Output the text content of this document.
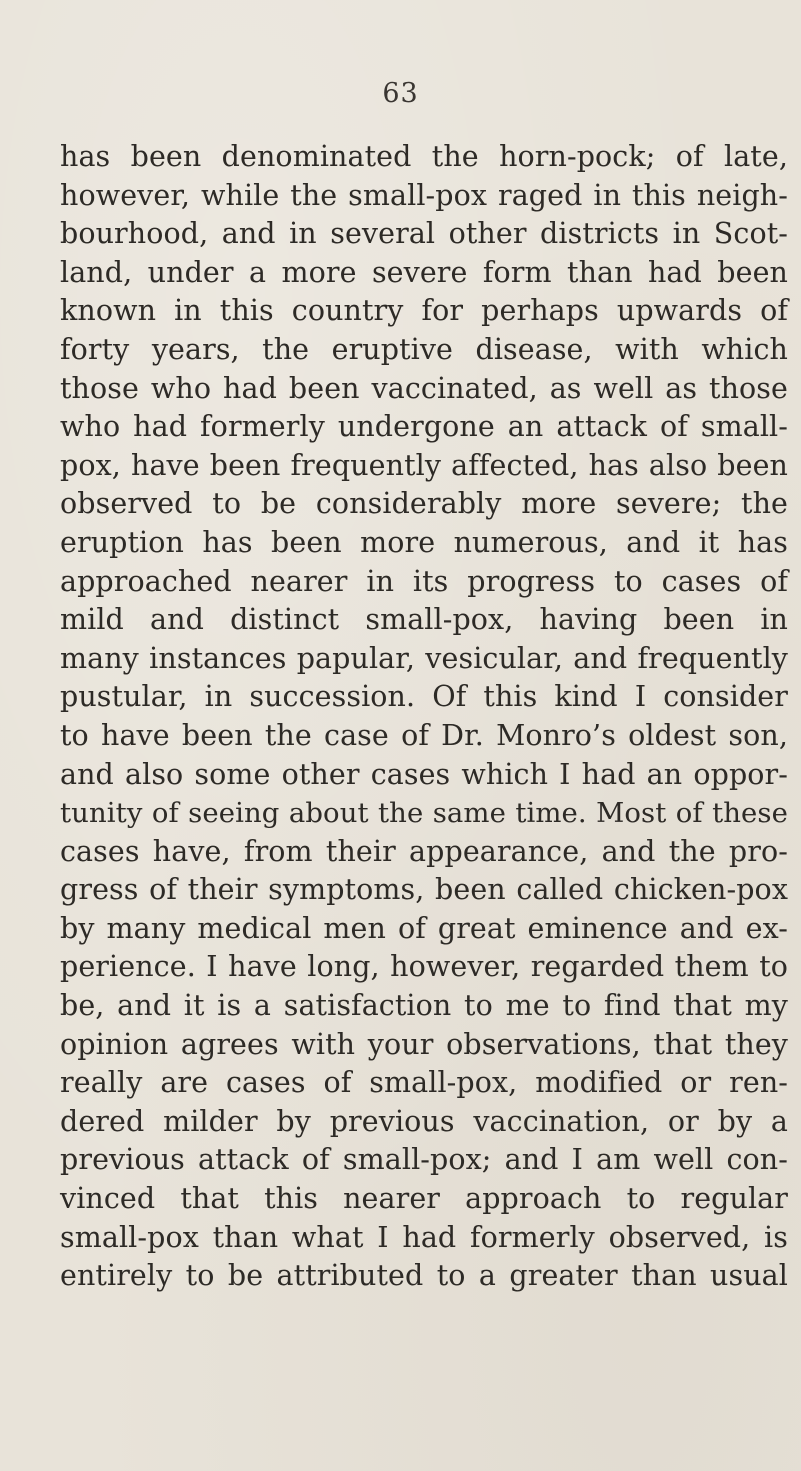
63
has been denominated the horn-pock; of late,
however, while the small-pox raged in this neigh-
bourhood, and in several other districts in Scot-
land, under a more severe form than had been
known in this country for perhaps upwards of
forty years, the eruptive disease, with which
those who had been vaccinated, as well as those
who had formerly undergone an attack of small-
pox, have been frequently affected, has also been
observed to be considerably more severe; the
eruption has been more numerous, and it has
approached nearer in its progress to cases of
mild and distinct small-pox, having been in
many instances papular, vesicular, and frequently
pustular, in succession. Of this kind I consider
to have been the case of Dr. Monro’s oldest son,
and also some other cases which I had an oppor-
tunity of seeing about the same time. Most of these
cases have, from their appearance, and the pro-
gress of their symptoms, been called chicken-pox
by many medical men of great eminence and ex-
perience. I have long, however, regarded them to
be, and it is a satisfaction to me to find that my
opinion agrees with your observations, that they
really are cases of small-pox, modified or ren-
dered milder by previous vaccination, or by a
previous attack of small-pox; and I am well con-
vinced that this nearer approach to regular
small-pox than what I had formerly observed, is
entirely to be attributed to a greater than usual
